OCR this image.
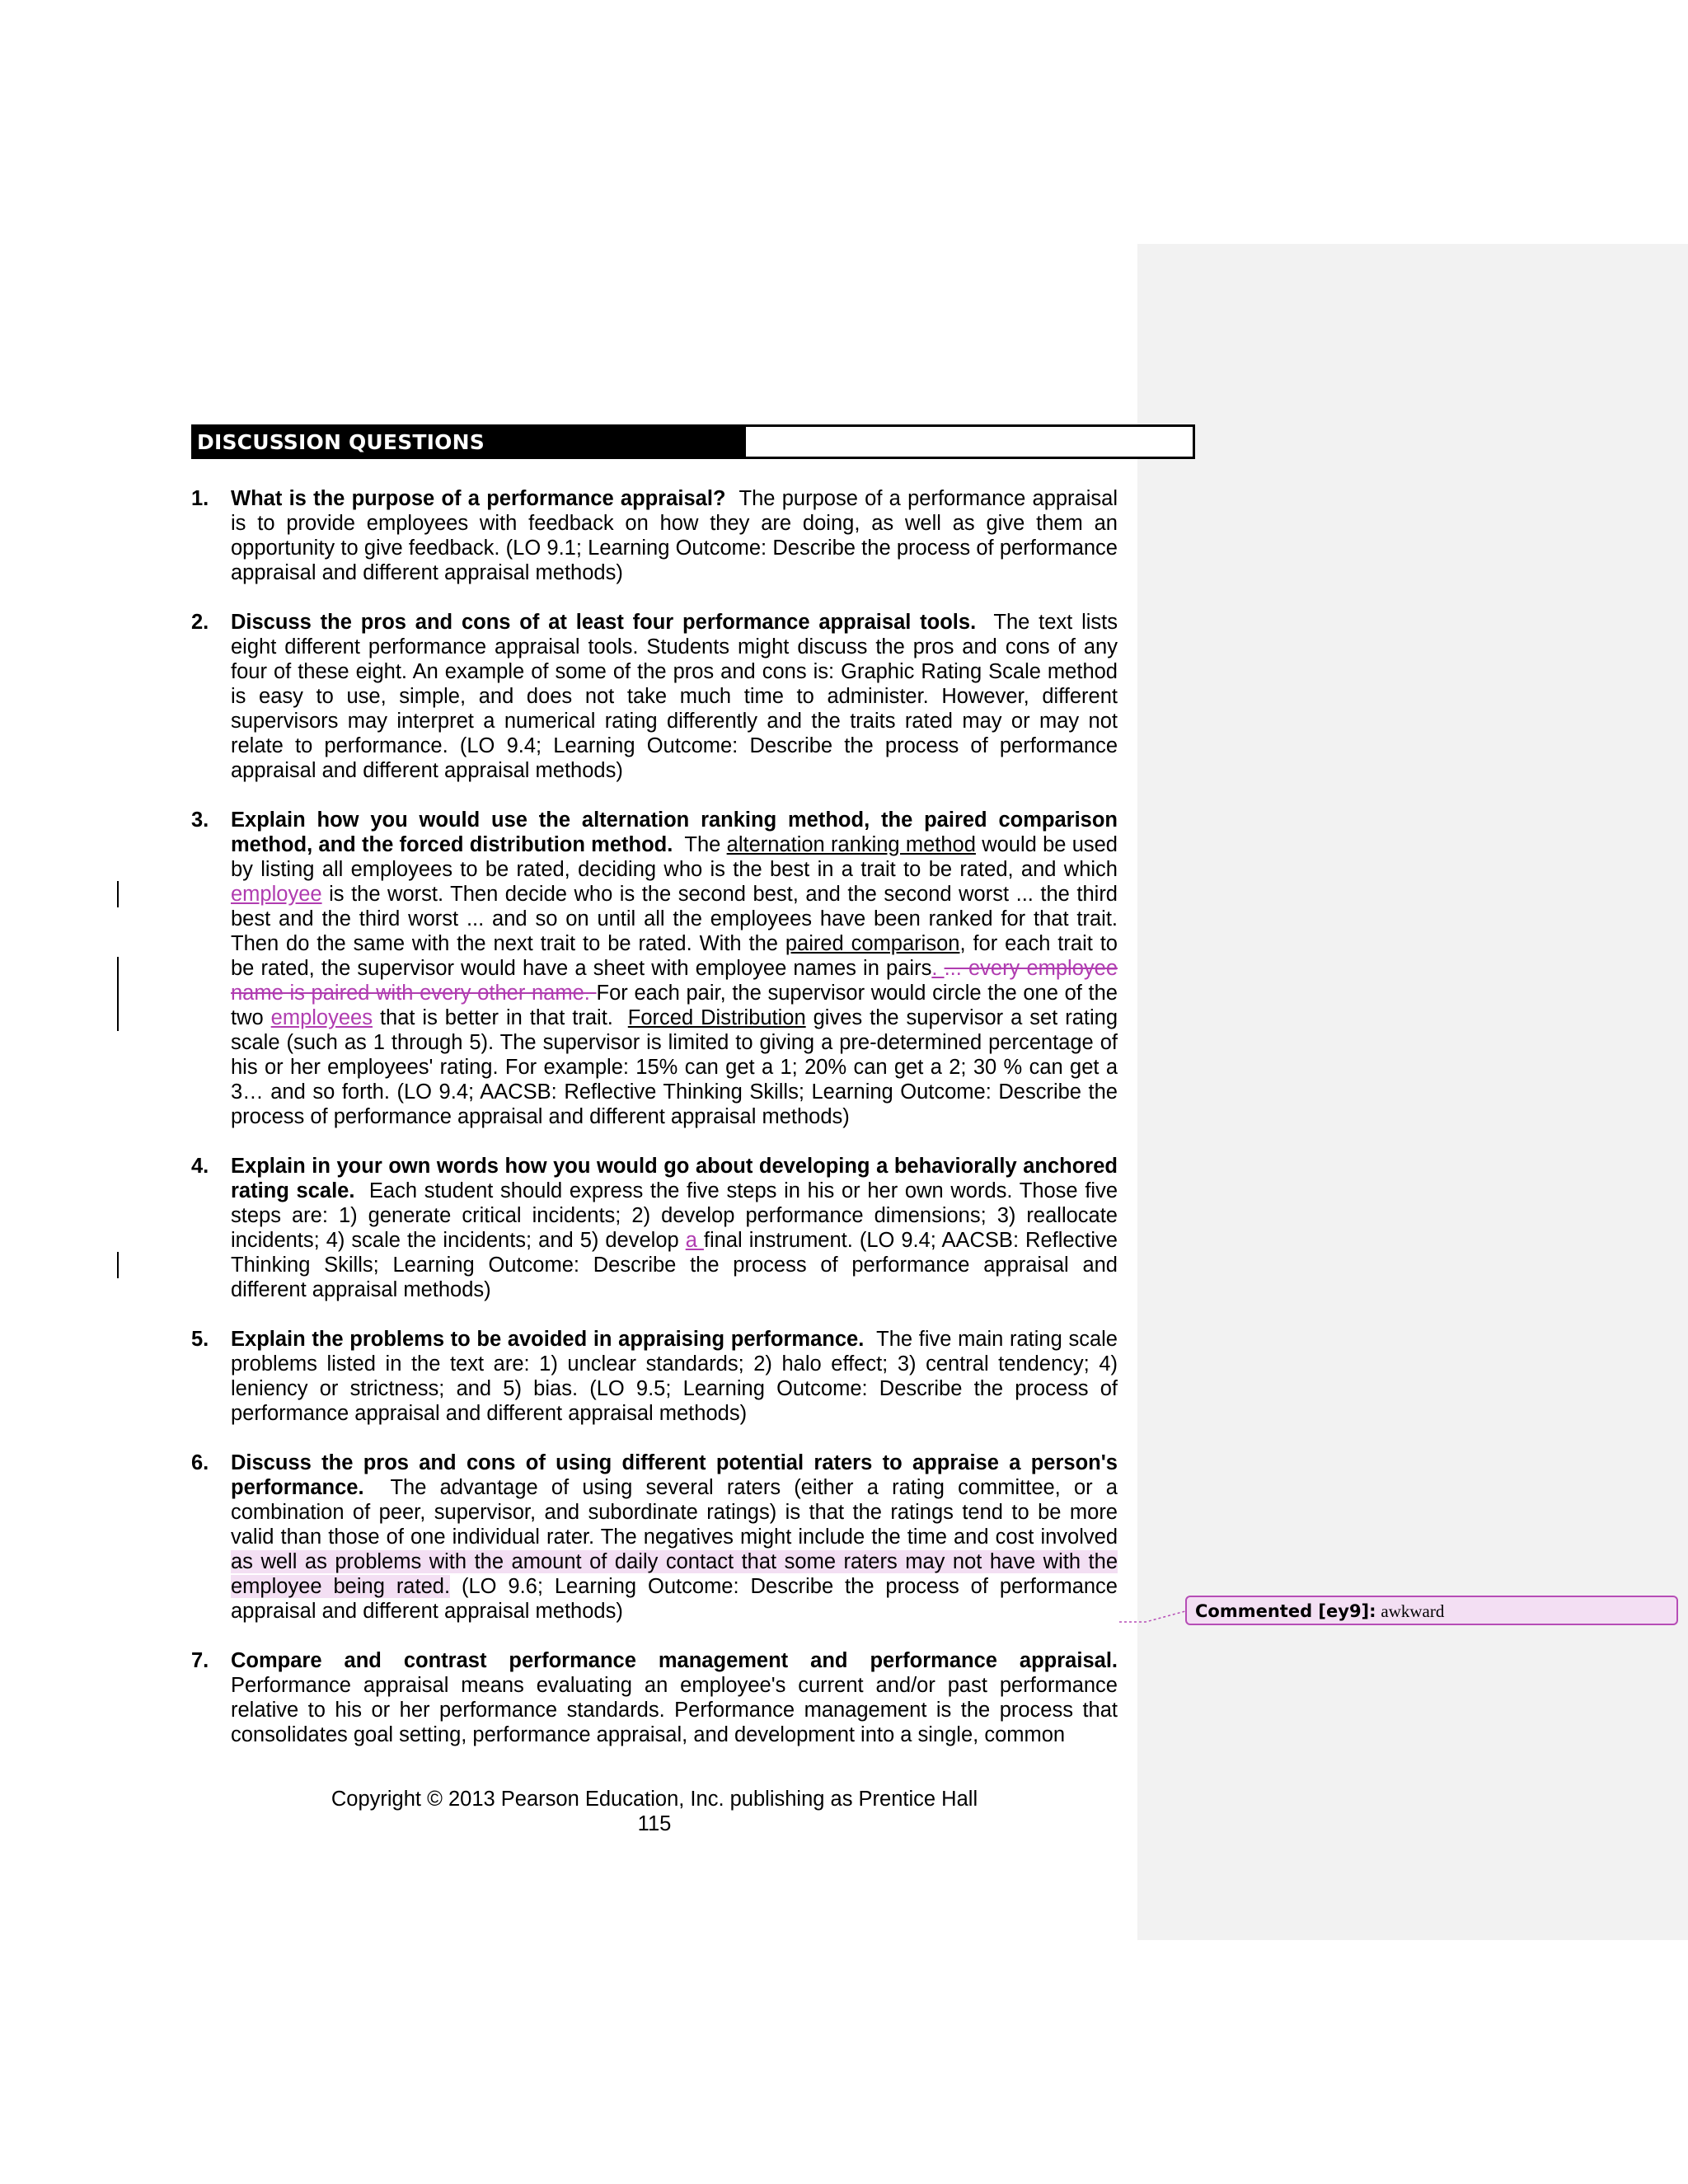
DISCUSSION QUESTIONS
1. What is the purpose of a performance appraisal? The purpose of a performance appraisal is to provide employees with feedback on how they are doing, as well as give them an opportunity to give feedback. (LO 9.1; Learning Outcome: Describe the process of performance appraisal and different appraisal methods)
2. Discuss the pros and cons of at least four performance appraisal tools. The text lists eight different performance appraisal tools. Students might discuss the pros and cons of any four of these eight. An example of some of the pros and cons is: Graphic Rating Scale method is easy to use, simple, and does not take much time to administer. However, different supervisors may interpret a numerical rating differently and the traits rated may or may not relate to performance. (LO 9.4; Learning Outcome: Describe the process of performance appraisal and different appraisal methods)
3. Explain how you would use the alternation ranking method, the paired comparison method, and the forced distribution method. The alternation ranking method would be used by listing all employees to be rated, deciding who is the best in a trait to be rated, and which employee is the worst. Then decide who is the second best, and the second worst ... the third best and the third worst ... and so on until all the employees have been ranked for that trait. Then do the same with the next trait to be rated. With the paired comparison, for each trait to be rated, the supervisor would have a sheet with employee names in pairs. ... every employee name is paired with every other name. For each pair, the supervisor would circle the one of the two employees that is better in that trait. Forced Distribution gives the supervisor a set rating scale (such as 1 through 5). The supervisor is limited to giving a pre-determined percentage of his or her employees' rating. For example: 15% can get a 1; 20% can get a 2; 30 % can get a 3… and so forth. (LO 9.4; AACSB: Reflective Thinking Skills; Learning Outcome: Describe the process of performance appraisal and different appraisal methods)
4. Explain in your own words how you would go about developing a behaviorally anchored rating scale. Each student should express the five steps in his or her own words. Those five steps are: 1) generate critical incidents; 2) develop performance dimensions; 3) reallocate incidents; 4) scale the incidents; and 5) develop a final instrument. (LO 9.4; AACSB: Reflective Thinking Skills; Learning Outcome: Describe the process of performance appraisal and different appraisal methods)
5. Explain the problems to be avoided in appraising performance. The five main rating scale problems listed in the text are: 1) unclear standards; 2) halo effect; 3) central tendency; 4) leniency or strictness; and 5) bias. (LO 9.5; Learning Outcome: Describe the process of performance appraisal and different appraisal methods)
6. Discuss the pros and cons of using different potential raters to appraise a person's performance. The advantage of using several raters (either a rating committee, or a combination of peer, supervisor, and subordinate ratings) is that the ratings tend to be more valid than those of one individual rater. The negatives might include the time and cost involved as well as problems with the amount of daily contact that some raters may not have with the employee being rated. (LO 9.6; Learning Outcome: Describe the process of performance appraisal and different appraisal methods)
7. Compare and contrast performance management and performance appraisal. Performance appraisal means evaluating an employee's current and/or past performance relative to his or her performance standards. Performance management is the process that consolidates goal setting, performance appraisal, and development into a single, common
Commented [ey9]: awkward
Copyright © 2013 Pearson Education, Inc. publishing as Prentice Hall
115
